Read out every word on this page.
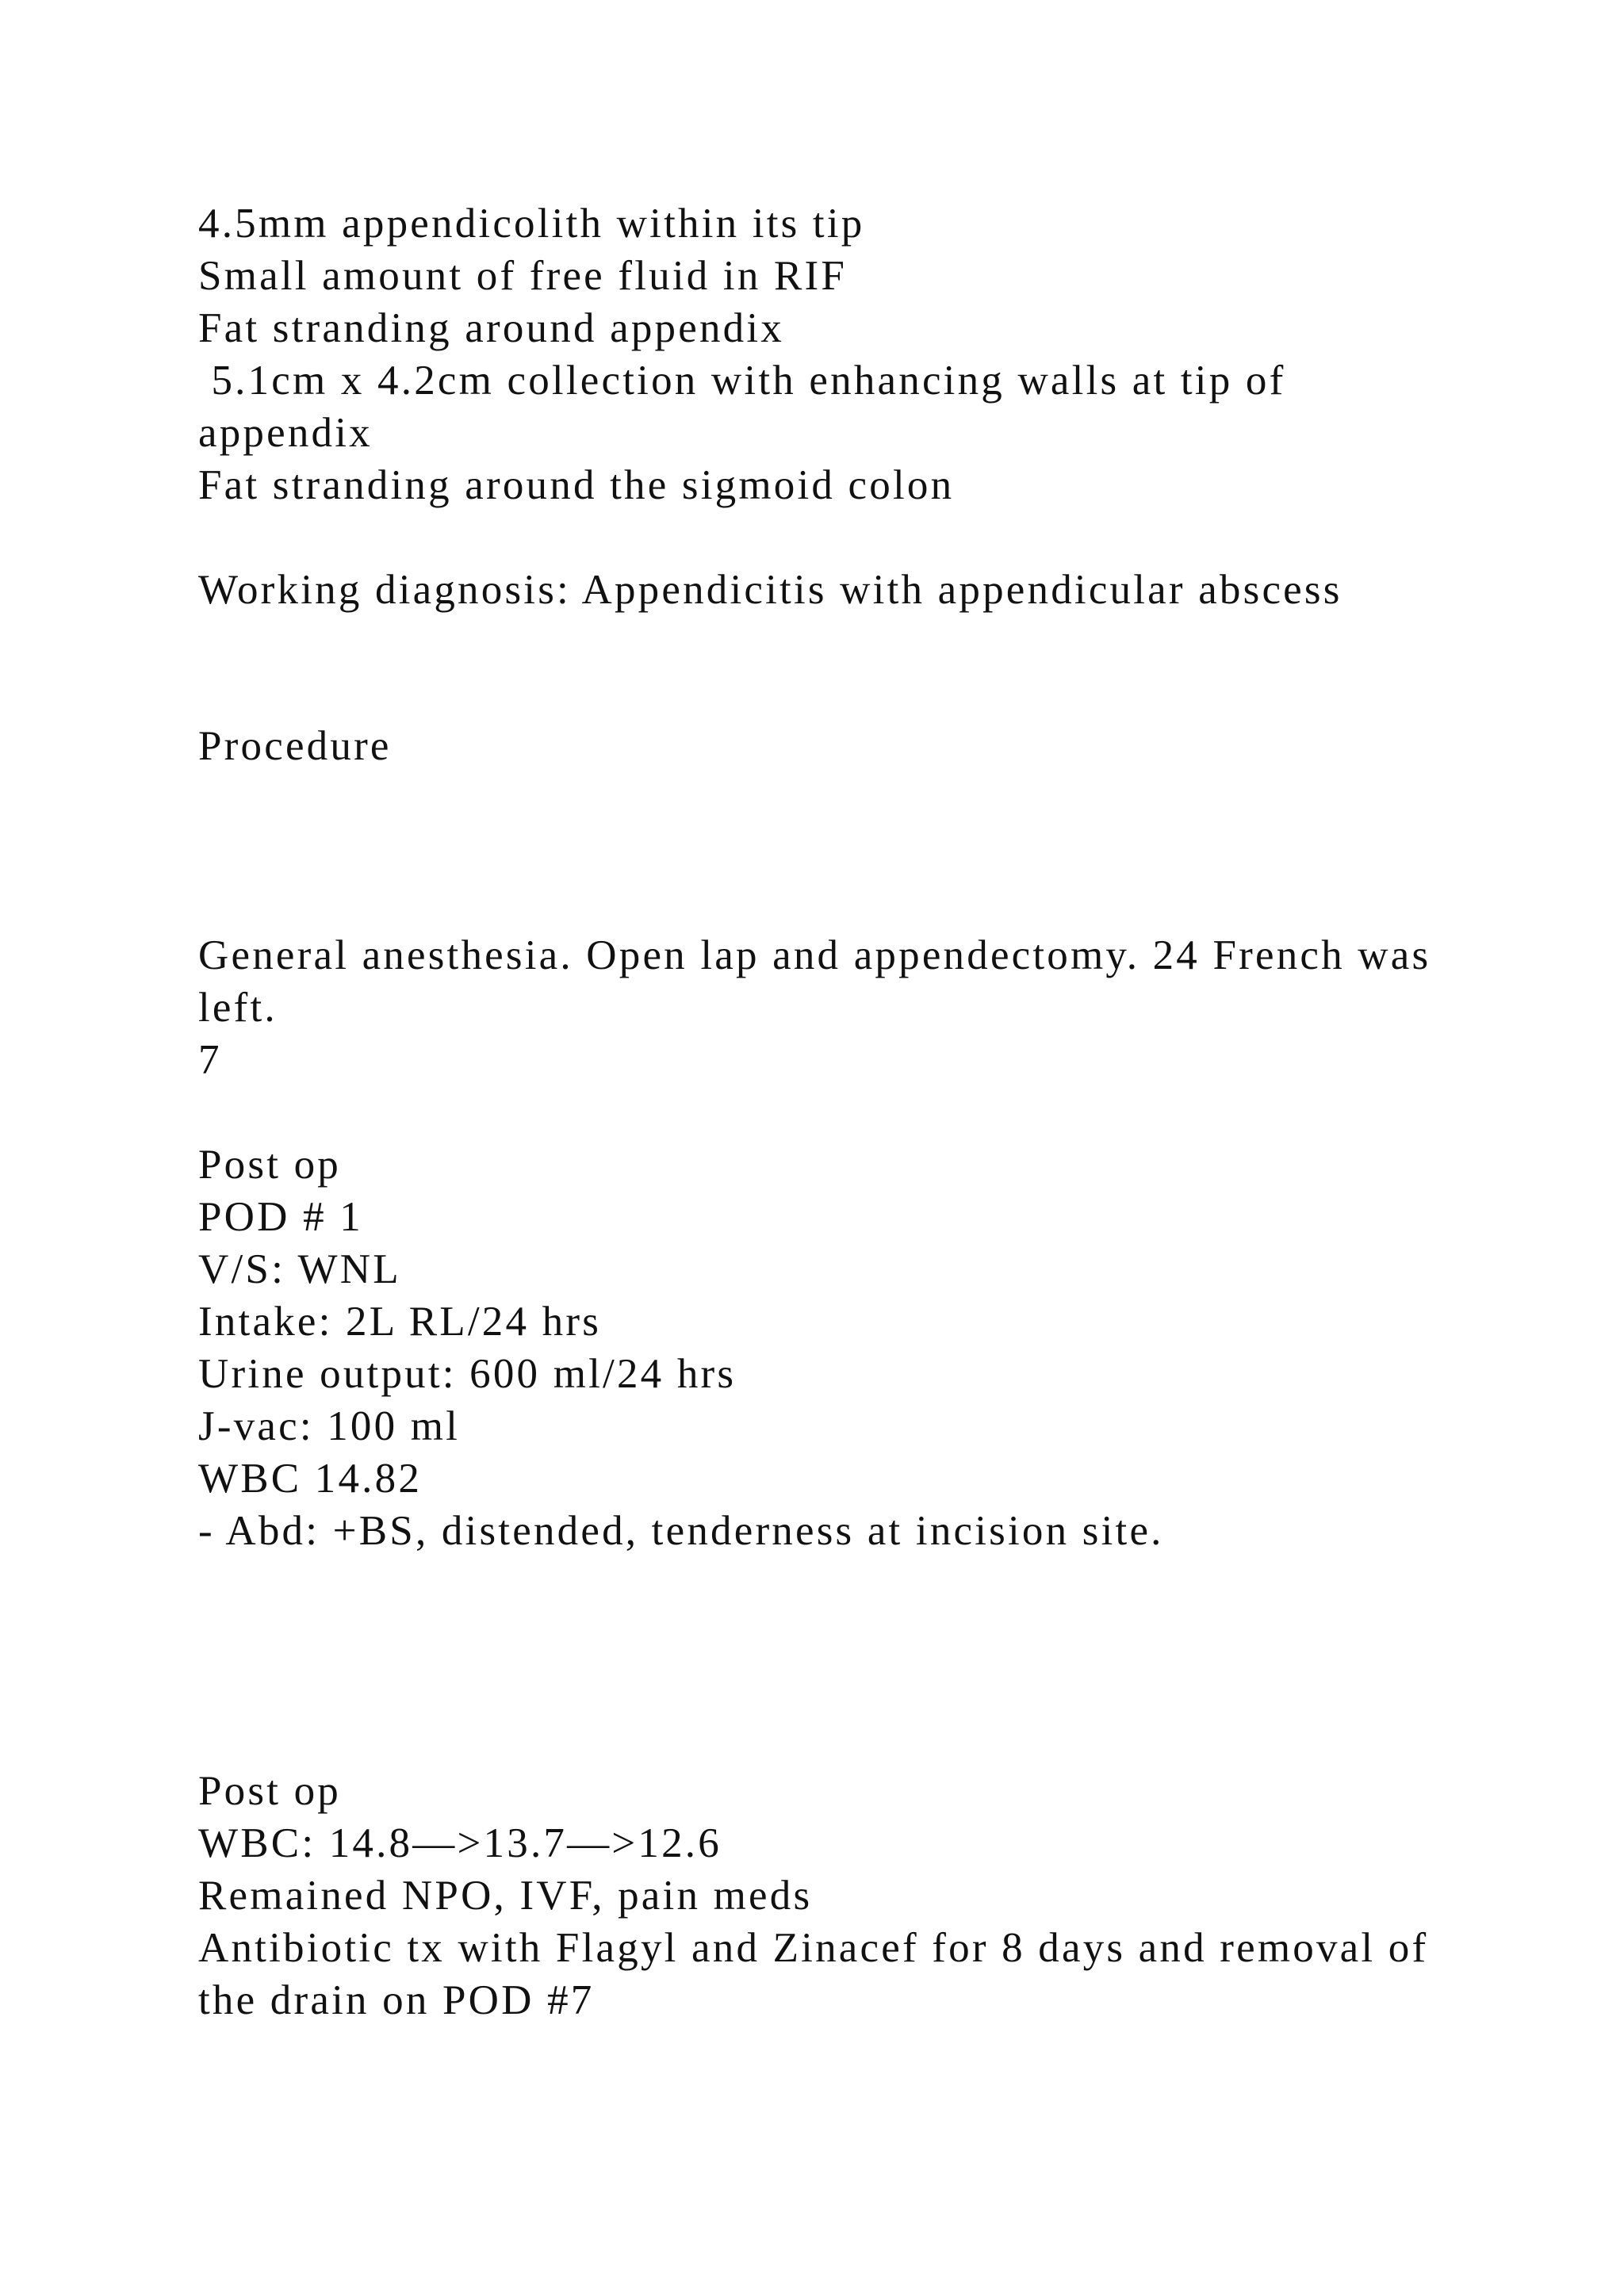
4.5mm appendicolith within its tip
Small amount of free fluid in RIF
Fat stranding around appendix
5.1cm x 4.2cm collection with enhancing walls at tip of
appendix
Fat stranding around the sigmoid colon
Working diagnosis: Appendicitis with appendicular abscess
Procedure
General anesthesia. Open lap and appendectomy. 24 French was
left.
7
Post op
POD # 1
V/S: WNL
Intake: 2L RL/24 hrs
Urine output: 600 ml/24 hrs
J-vac: 100 ml
WBC 14.82
- Abd: +BS, distended, tenderness at incision site.
Post op
WBC: 14.8—>13.7—>12.6
Remained NPO, IVF, pain meds
Antibiotic tx with Flagyl and Zinacef for 8 days and removal of
the drain on POD #7
